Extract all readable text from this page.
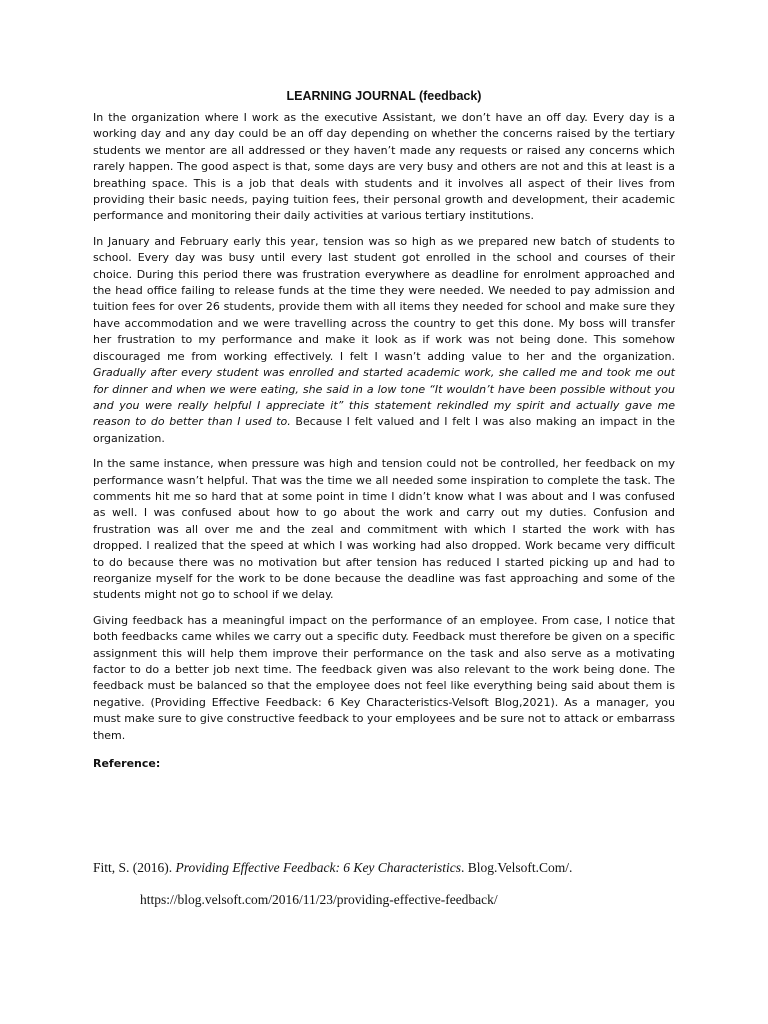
LEARNING JOURNAL (feedback)

In the organization where I work as the executive Assistant, we don’t have an off day. Every day is a working day and any day could be an off day depending on whether the concerns raised by the tertiary students we mentor are all addressed or they haven’t made any requests or raised any concerns which rarely happen. The good aspect is that, some days are very busy and others are not and this at least is a breathing space. This is a job that deals with students and it involves all aspect of their lives from providing their basic needs, paying tuition fees, their personal growth and development, their academic performance and monitoring their daily activities at various tertiary institutions.

In January and February early this year, tension was so high as we prepared new batch of students to school. Every day was busy until every last student got enrolled in the school and courses of their choice. During this period there was frustration everywhere as deadline for enrolment approached and the head office failing to release funds at the time they were needed. We needed to pay admission and tuition fees for over 26 students, provide them with all items they needed for school and make sure they have accommodation and we were travelling across the country to get this done. My boss will transfer her frustration to my performance and make it look as if work was not being done. This somehow discouraged me from working effectively. I felt I wasn’t adding value to her and the organization. Gradually after every student was enrolled and started academic work, she called me and took me out for dinner and when we were eating, she said in a low tone “It wouldn’t have been possible without you and you were really helpful I appreciate it” this statement rekindled my spirit and actually gave me reason to do better than I used to. Because I felt valued and I felt I was also making an impact in the organization.

In the same instance, when pressure was high and tension could not be controlled, her feedback on my performance wasn’t helpful. That was the time we all needed some inspiration to complete the task. The comments hit me so hard that at some point in time I didn’t know what I was about and I was confused as well. I was confused about how to go about the work and carry out my duties. Confusion and frustration was all over me and the zeal and commitment with which I started the work with has dropped. I realized that the speed at which I was working had also dropped. Work became very difficult to do because there was no motivation but after tension has reduced I started picking up and had to reorganize myself for the work to be done because the deadline was fast approaching and some of the students might not go to school if we delay.

Giving feedback has a meaningful impact on the performance of an employee. From case, I notice that both feedbacks came whiles we carry out a specific duty. Feedback must therefore be given on a specific assignment this will help them improve their performance on the task and also serve as a motivating factor to do a better job next time. The feedback given was also relevant to the work being done. The feedback must be balanced so that the employee does not feel like everything being said about them is negative. (Providing Effective Feedback: 6 Key Characteristics-Velsoft Blog,2021). As a manager, you must make sure to give constructive feedback to your employees and be sure not to attack or embarrass them.

Reference:

Fitt, S. (2016). Providing Effective Feedback: 6 Key Characteristics. Blog.Velsoft.Com/.
https://blog.velsoft.com/2016/11/23/providing-effective-feedback/
